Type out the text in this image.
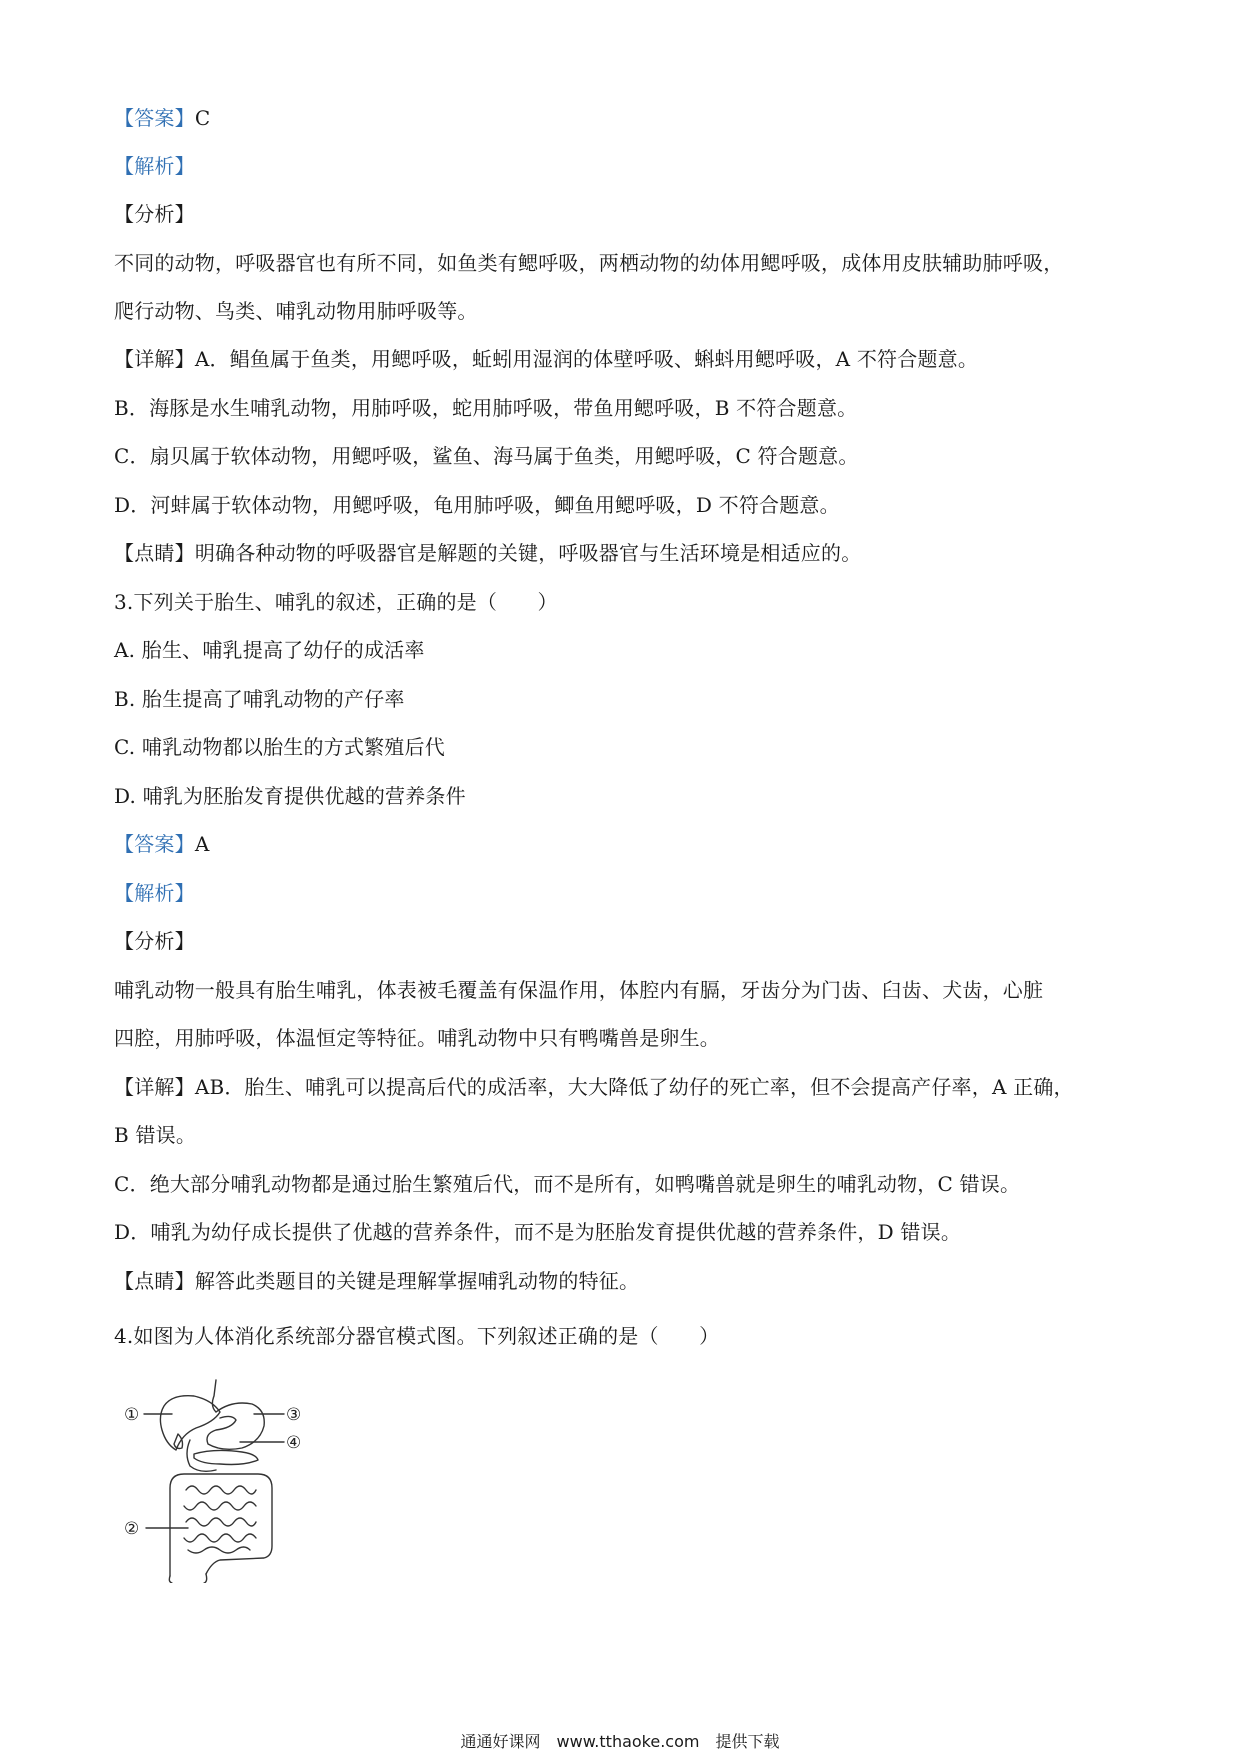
【答案】C
【解析】
【分析】
不同的动物，呼吸器官也有所不同，如鱼类有鳃呼吸，两栖动物的幼体用鳃呼吸，成体用皮肤辅助肺呼吸，
爬行动物、鸟类、哺乳动物用肺呼吸等。
【详解】A．鲳鱼属于鱼类，用鳃呼吸，蚯蚓用湿润的体壁呼吸、蝌蚪用鳃呼吸，A 不符合题意。
B．海豚是水生哺乳动物，用肺呼吸，蛇用肺呼吸，带鱼用鳃呼吸，B 不符合题意。
C．扇贝属于软体动物，用鳃呼吸，鲨鱼、海马属于鱼类，用鳃呼吸，C 符合题意。
D．河蚌属于软体动物，用鳃呼吸，龟用肺呼吸，鲫鱼用鳃呼吸，D 不符合题意。
【点睛】明确各种动物的呼吸器官是解题的关键，呼吸器官与生活环境是相适应的。
3.下列关于胎生、哺乳的叙述，正确的是（　　）
A. 胎生、哺乳提高了幼仔的成活率
B. 胎生提高了哺乳动物的产仔率
C. 哺乳动物都以胎生的方式繁殖后代
D. 哺乳为胚胎发育提供优越的营养条件
【答案】A
【解析】
【分析】
哺乳动物一般具有胎生哺乳，体表被毛覆盖有保温作用，体腔内有膈，牙齿分为门齿、臼齿、犬齿，心脏
四腔，用肺呼吸，体温恒定等特征。哺乳动物中只有鸭嘴兽是卵生。
【详解】AB．胎生、哺乳可以提高后代的成活率，大大降低了幼仔的死亡率，但不会提高产仔率，A 正确，
B 错误。
C．绝大部分哺乳动物都是通过胎生繁殖后代，而不是所有，如鸭嘴兽就是卵生的哺乳动物，C 错误。
D．哺乳为幼仔成长提供了优越的营养条件，而不是为胚胎发育提供优越的营养条件，D 错误。
【点睛】解答此类题目的关键是理解掌握哺乳动物的特征。
4.如图为人体消化系统部分器官模式图。下列叙述正确的是（　　）
①
②
③
④
通通好课网　www.tthaoke.com　提供下载
